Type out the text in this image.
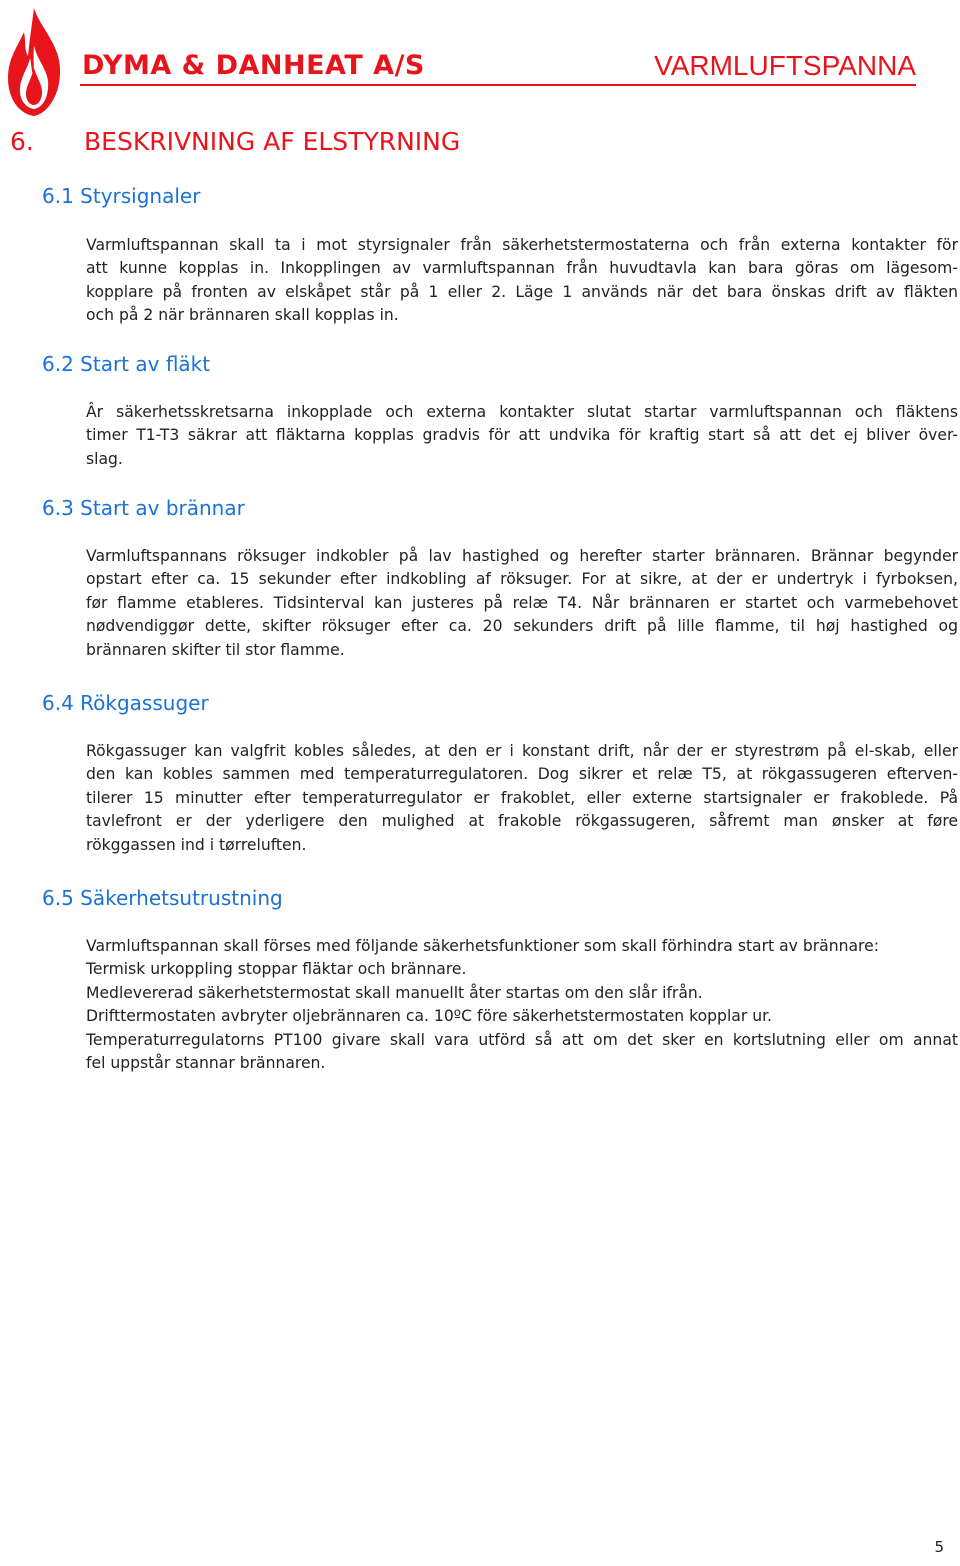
DYMA & DANHEAT A/S	VARMLUFTSPANNA
6. BESKRIVNING AF ELSTYRNING
6.1 Styrsignaler
Varmluftspannan skall ta i mot styrsignaler från säkerhetstermostaterna och från externa kontakter för
att kunne kopplas in. Inkopplingen av varmluftspannan från huvudtavla kan bara göras om lägesom-
kopplare på fronten av elskåpet står på 1 eller 2. Läge 1 används när det bara önskas drift av fläkten
och på 2 när brännaren skall kopplas in.
6.2 Start av fläkt
Âr säkerhetsskretsarna inkopplade och externa kontakter slutat startar varmluftspannan och fläktens
timer T1-T3 säkrar att fläktarna kopplas gradvis för att undvika för kraftig start så att det ej bliver över-
slag.
6.3 Start av brännar
Varmluftspannans röksuger indkobler på lav hastighed og herefter starter brännaren. Brännar begynder
opstart efter ca. 15 sekunder efter indkobling af röksuger. For at sikre, at der er undertryk i fyrboksen,
før flamme etableres. Tidsinterval kan justeres på relæ T4. Når brännaren er startet och varmebehovet
nødvendiggør dette, skifter röksuger efter ca. 20 sekunders drift på lille flamme, til høj hastighed og
brännaren skifter til stor flamme.
6.4 Rökgassuger
Rökgassuger kan valgfrit kobles således, at den er i konstant drift, når der er styrestrøm på el-skab, eller
den kan kobles sammen med temperaturregulatoren. Dog sikrer et relæ T5, at rökgassugeren efterven-
tilerer 15 minutter efter temperaturregulator er frakoblet, eller externe startsignaler er frakoblede. På
tavlefront er der yderligere den mulighed at frakoble rökgassugeren, såfremt man ønsker at føre
rökggassen ind i tørreluften.
6.5 Säkerhetsutrustning
Varmluftspannan skall förses med följande säkerhetsfunktioner som skall förhindra start av brännare:
Termisk urkoppling stoppar fläktar och brännare.
Medlevererad säkerhetstermostat skall manuellt åter startas om den slår ifrån.
Drifttermostaten avbryter oljebrännaren ca. 10ºC före säkerhetstermostaten kopplar ur.
Temperaturregulatorns PT100 givare skall vara utförd så att om det sker en kortslutning eller om annat
fel uppstår stannar brännaren.
5
